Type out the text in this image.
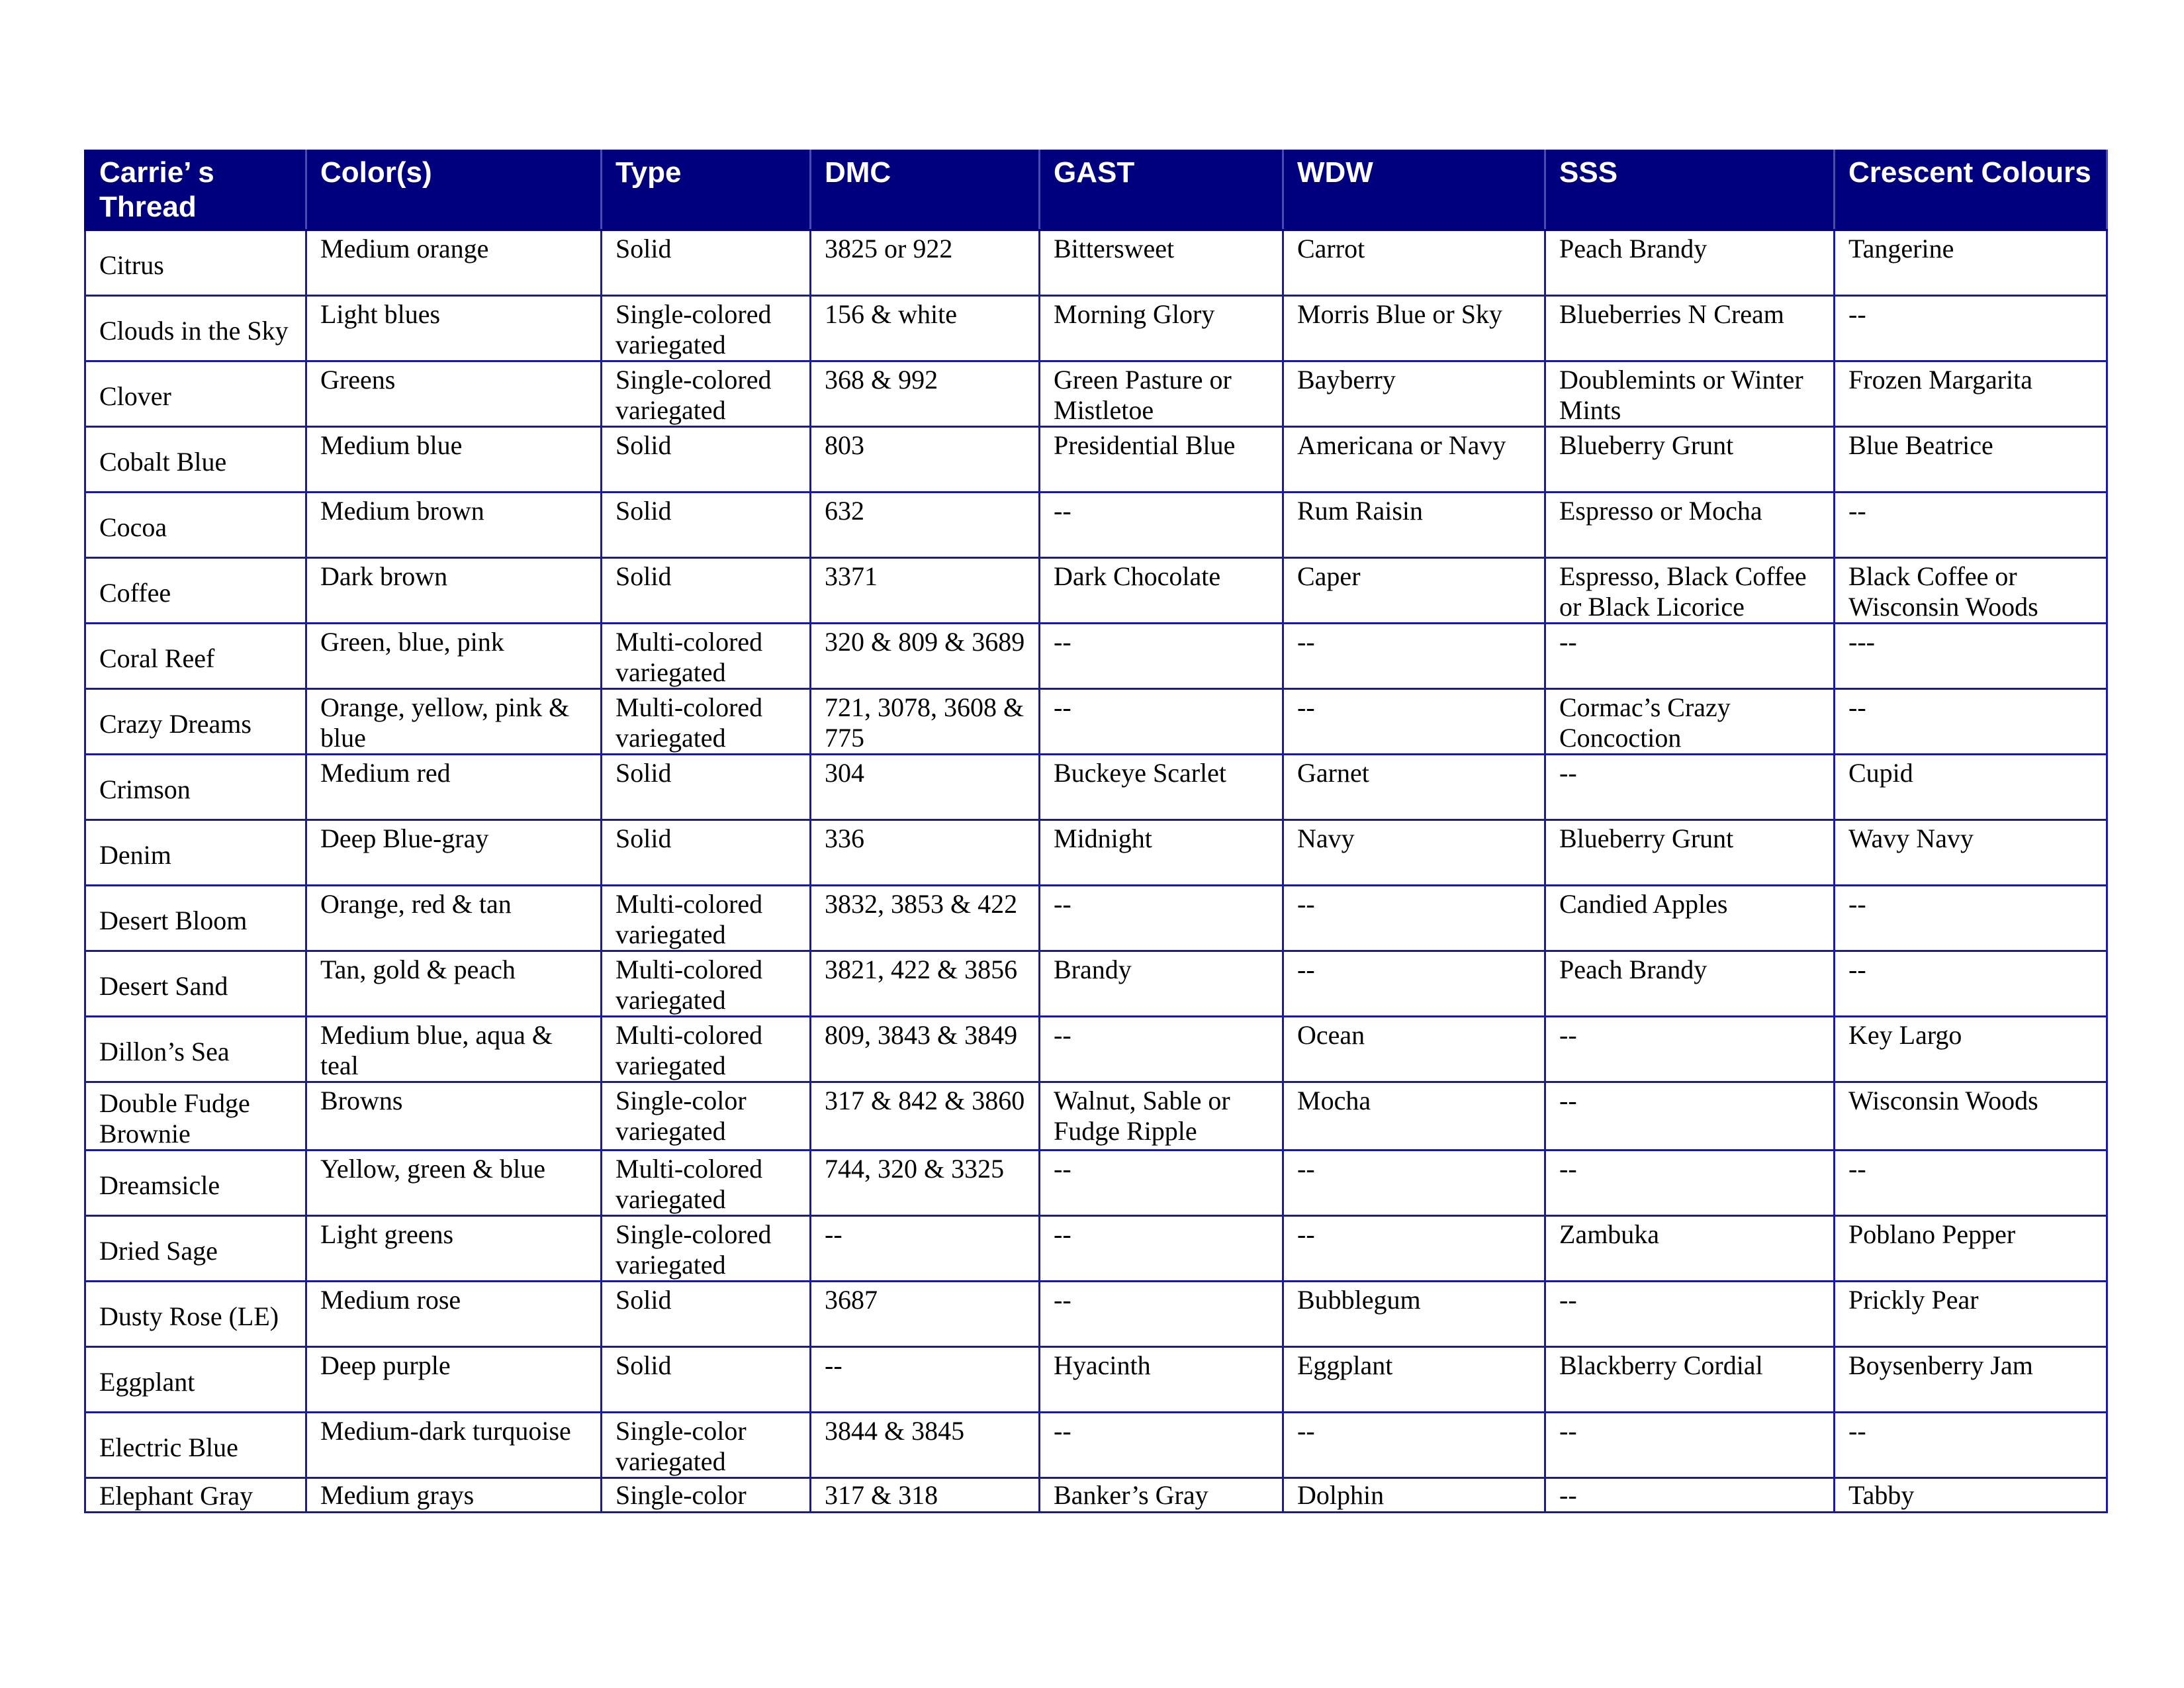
Carrie’ s Thread	Color(s)	Type	DMC	GAST	WDW	SSS	Crescent Colours
Citrus	Medium orange	Solid	3825 or 922	Bittersweet	Carrot	Peach Brandy	Tangerine
Clouds in the Sky	Light blues	Single-colored variegated	156 & white	Morning Glory	Morris Blue or Sky	Blueberries N Cream	--
Clover	Greens	Single-colored variegated	368 & 992	Green Pasture or Mistletoe	Bayberry	Doublemints or Winter Mints	Frozen Margarita
Cobalt Blue	Medium blue	Solid	803	Presidential Blue	Americana or Navy	Blueberry Grunt	Blue Beatrice
Cocoa	Medium brown	Solid	632	--	Rum Raisin	Espresso or Mocha	--
Coffee	Dark brown	Solid	3371	Dark Chocolate	Caper	Espresso, Black Coffee or Black Licorice	Black Coffee or Wisconsin Woods
Coral Reef	Green, blue, pink	Multi-colored variegated	320 & 809 & 3689	--	--	--	---
Crazy Dreams	Orange, yellow, pink & blue	Multi-colored variegated	721, 3078, 3608 & 775	--	--	Cormac’s Crazy Concoction	--
Crimson	Medium red	Solid	304	Buckeye Scarlet	Garnet	--	Cupid
Denim	Deep Blue-gray	Solid	336	Midnight	Navy	Blueberry Grunt	Wavy Navy
Desert Bloom	Orange, red & tan	Multi-colored variegated	3832, 3853 & 422	--	--	Candied Apples	--
Desert Sand	Tan, gold & peach	Multi-colored variegated	3821, 422 & 3856	Brandy	--	Peach Brandy	--
Dillon’s Sea	Medium blue, aqua & teal	Multi-colored variegated	809, 3843 & 3849	--	Ocean	--	Key Largo
Double Fudge Brownie	Browns	Single-color variegated	317 & 842 & 3860	Walnut, Sable or Fudge Ripple	Mocha	--	Wisconsin Woods
Dreamsicle	Yellow, green & blue	Multi-colored variegated	744, 320 & 3325	--	--	--	--
Dried Sage	Light greens	Single-colored variegated	--	--	--	Zambuka	Poblano Pepper
Dusty Rose (LE)	Medium rose	Solid	3687	--	Bubblegum	--	Prickly Pear
Eggplant	Deep purple	Solid	--	Hyacinth	Eggplant	Blackberry Cordial	Boysenberry Jam
Electric Blue	Medium-dark turquoise	Single-color variegated	3844 & 3845	--	--	--	--
Elephant Gray	Medium grays	Single-color	317 & 318	Banker’s Gray	Dolphin	--	Tabby
